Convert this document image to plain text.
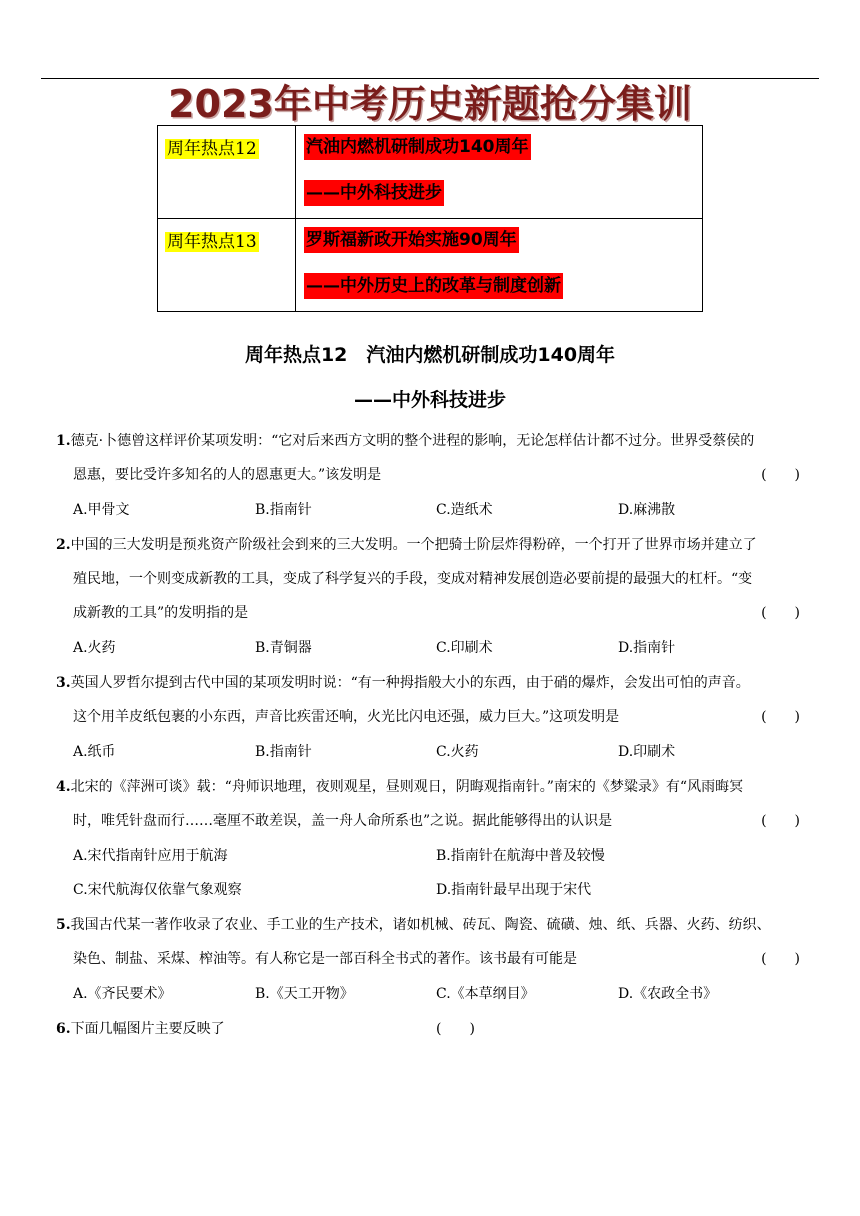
2023年中考历史新题抢分集训
周年热点12	汽油内燃机研制成功140周年
——中外科技进步
周年热点13	罗斯福新政开始实施90周年
——中外历史上的改革与制度创新
周年热点12　汽油内燃机研制成功140周年
——中外科技进步
1.德克·卜德曾这样评价某项发明：“它对后来西方文明的整个进程的影响，无论怎样估计都不过分。世界受蔡侯的
恩惠，要比受许多知名的人的恩惠更大。”该发明是	(　　)
A.甲骨文	B.指南针	C.造纸术	D.麻沸散
2.中国的三大发明是预兆资产阶级社会到来的三大发明。一个把骑士阶层炸得粉碎，一个打开了世界市场并建立了
殖民地，一个则变成新教的工具，变成了科学复兴的手段，变成对精神发展创造必要前提的最强大的杠杆。“变
成新教的工具”的发明指的是	(　　)
A.火药	B.青铜器	C.印刷术	D.指南针
3.英国人罗哲尔提到古代中国的某项发明时说：“有一种拇指般大小的东西，由于硝的爆炸，会发出可怕的声音。
这个用羊皮纸包裹的小东西，声音比疾雷还响，火光比闪电还强，威力巨大。”这项发明是	(　　)
A.纸币	B.指南针	C.火药	D.印刷术
4.北宋的《萍洲可谈》载：“舟师识地理，夜则观星，昼则观日，阴晦观指南针。”南宋的《梦粱录》有“风雨晦冥
时，唯凭针盘而行……毫厘不敢差误，盖一舟人命所系也”之说。据此能够得出的认识是	(　　)
A.宋代指南针应用于航海	B.指南针在航海中普及较慢
C.宋代航海仅依靠气象观察	D.指南针最早出现于宋代
5.我国古代某一著作收录了农业、手工业的生产技术，诸如机械、砖瓦、陶瓷、硫磺、烛、纸、兵器、火药、纺织、
染色、制盐、采煤、榨油等。有人称它是一部百科全书式的著作。该书最有可能是	(　　)
A.《齐民要术》	B.《天工开物》	C.《本草纲目》	D.《农政全书》
6.下面几幅图片主要反映了	(　　)
